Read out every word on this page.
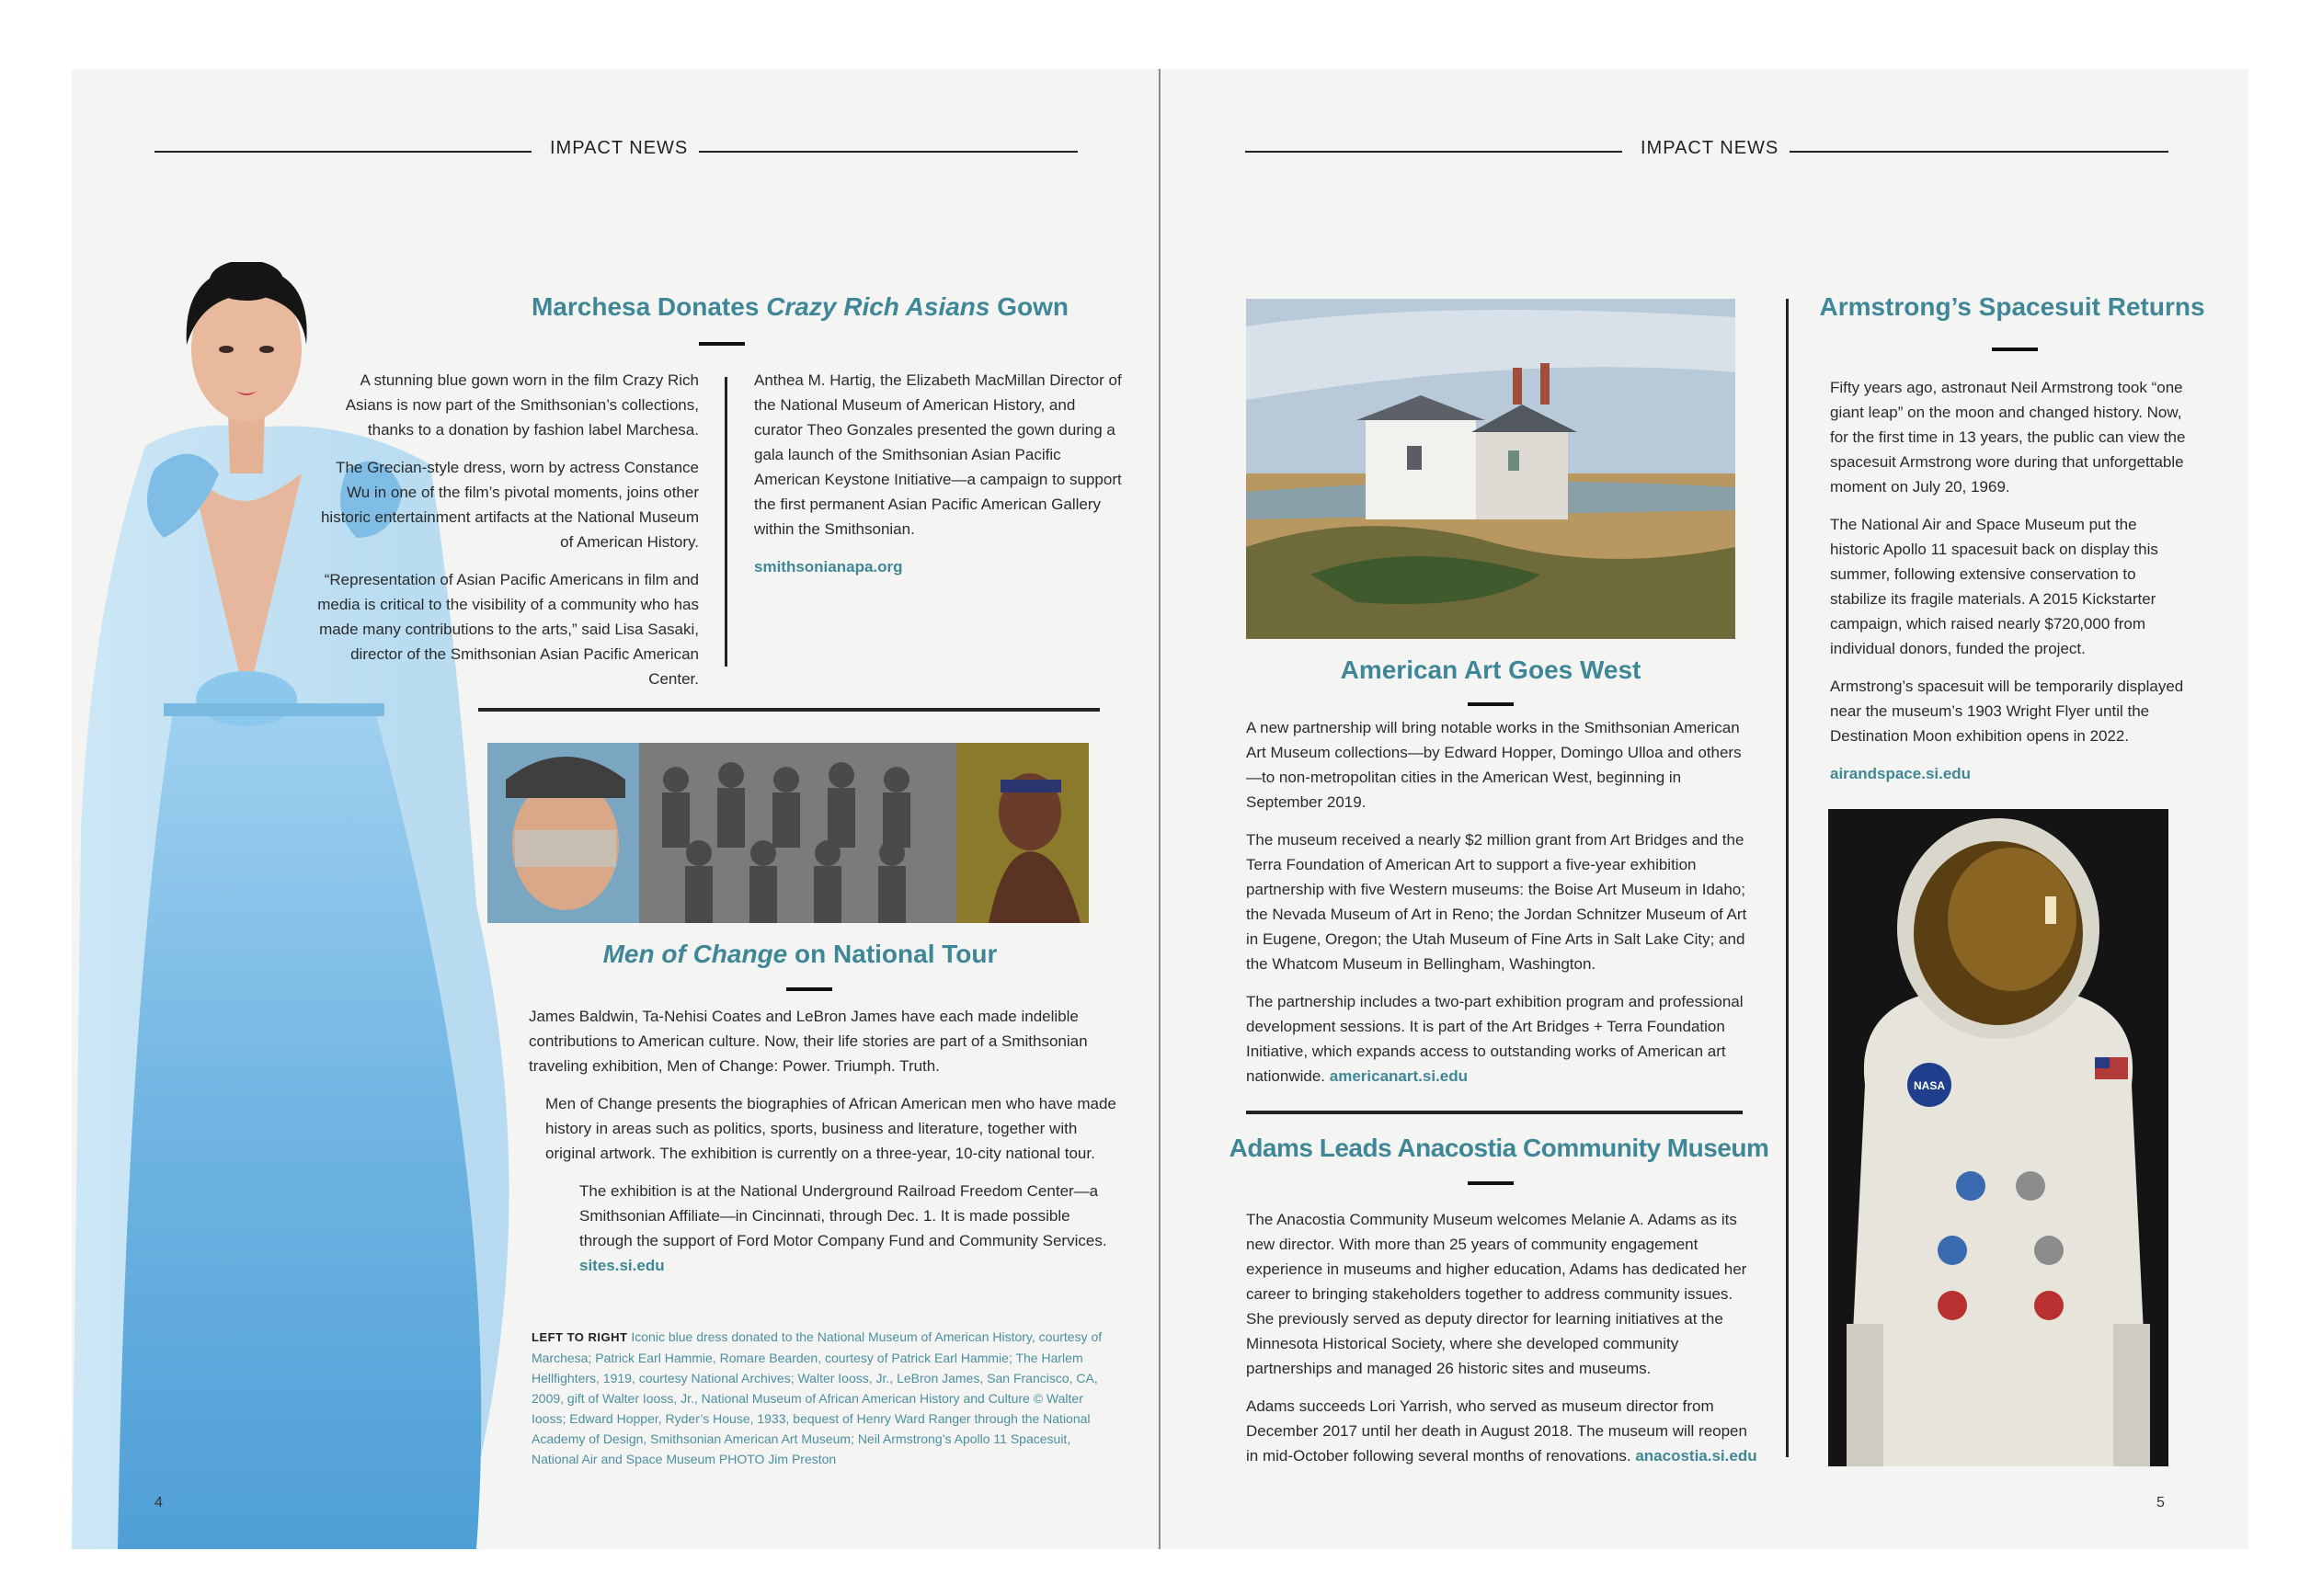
IMPACT NEWS	IMPACT NEWS
Marchesa Donates Crazy Rich Asians Gown

A stunning blue gown worn in the film Crazy Rich Asians is now part of the Smithsonian’s collections, thanks to a donation by fashion label Marchesa.

The Grecian-style dress, worn by actress Constance Wu in one of the film’s pivotal moments, joins other historic entertainment artifacts at the National Museum of American History.

“Representation of Asian Pacific Americans in film and media is critical to the visibility of a community who has made many contributions to the arts,” said Lisa Sasaki, director of the Smithsonian Asian Pacific American Center.

Anthea M. Hartig, the Elizabeth MacMillan Director of the National Museum of American History, and curator Theo Gonzales presented the gown during a gala launch of the Smithsonian Asian Pacific American Keystone Initiative—a campaign to support the first permanent Asian Pacific American Gallery within the Smithsonian.

smithsonianapa.org

Men of Change on National Tour

James Baldwin, Ta-Nehisi Coates and LeBron James have each made indelible contributions to American culture. Now, their life stories are part of a Smithsonian traveling exhibition, Men of Change: Power. Triumph. Truth.

Men of Change presents the biographies of African American men who have made history in areas such as politics, sports, business and literature, together with original artwork. The exhibition is currently on a three-year, 10-city national tour.

The exhibition is at the National Underground Railroad Freedom Center—a Smithsonian Affiliate—in Cincinnati, through Dec. 1. It is made possible through the support of Ford Motor Company Fund and Community Services. sites.si.edu

LEFT TO RIGHT Iconic blue dress donated to the National Museum of American History, courtesy of Marchesa; Patrick Earl Hammie, Romare Bearden, courtesy of Patrick Earl Hammie; The Harlem Hellfighters, 1919, courtesy National Archives; Walter Iooss, Jr., LeBron James, San Francisco, CA, 2009, gift of Walter Iooss, Jr., National Museum of African American History and Culture © Walter Iooss; Edward Hopper, Ryder’s House, 1933, bequest of Henry Ward Ranger through the National Academy of Design, Smithsonian American Art Museum; Neil Armstrong’s Apollo 11 Spacesuit, National Air and Space Museum PHOTO Jim Preston
4
American Art Goes West

A new partnership will bring notable works in the Smithsonian American Art Museum collections—by Edward Hopper, Domingo Ulloa and others—to non-metropolitan cities in the American West, beginning in September 2019.

The museum received a nearly $2 million grant from Art Bridges and the Terra Foundation of American Art to support a five-year exhibition partnership with five Western museums: the Boise Art Museum in Idaho; the Nevada Museum of Art in Reno; the Jordan Schnitzer Museum of Art in Eugene, Oregon; the Utah Museum of Fine Arts in Salt Lake City; and the Whatcom Museum in Bellingham, Washington.

The partnership includes a two-part exhibition program and professional development sessions. It is part of the Art Bridges + Terra Foundation Initiative, which expands access to outstanding works of American art nationwide. americanart.si.edu

Adams Leads Anacostia Community Museum

The Anacostia Community Museum welcomes Melanie A. Adams as its new director. With more than 25 years of community engagement experience in museums and higher education, Adams has dedicated her career to bringing stakeholders together to address community issues. She previously served as deputy director for learning initiatives at the Minnesota Historical Society, where she developed community partnerships and managed 26 historic sites and museums.

Adams succeeds Lori Yarrish, who served as museum director from December 2017 until her death in August 2018. The museum will reopen in mid-October following several months of renovations. anacostia.si.edu

Armstrong’s Spacesuit Returns

Fifty years ago, astronaut Neil Armstrong took “one giant leap” on the moon and changed history. Now, for the first time in 13 years, the public can view the spacesuit Armstrong wore during that unforgettable moment on July 20, 1969.

The National Air and Space Museum put the historic Apollo 11 spacesuit back on display this summer, following extensive conservation to stabilize its fragile materials. A 2015 Kickstarter campaign, which raised nearly $720,000 from individual donors, funded the project.

Armstrong’s spacesuit will be temporarily displayed near the museum’s 1903 Wright Flyer until the Destination Moon exhibition opens in 2022.

airandspace.si.edu

NASA
5
